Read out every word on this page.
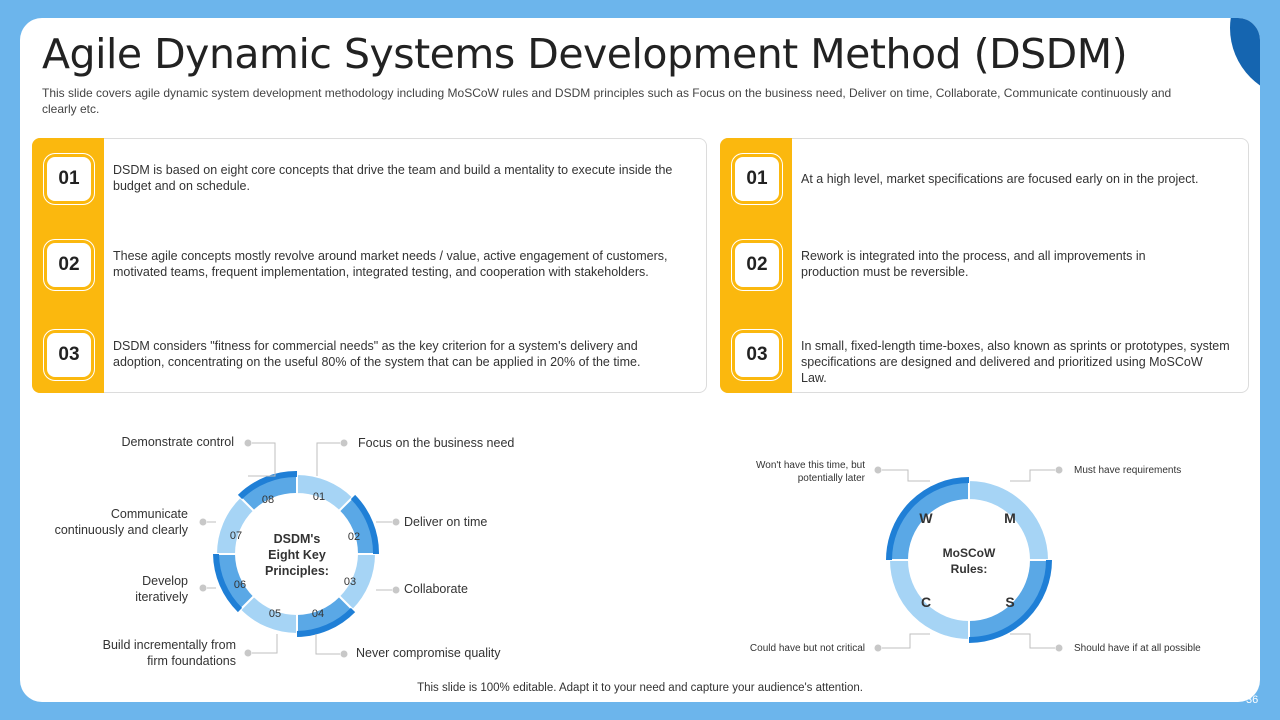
Agile Dynamic Systems Development Method (DSDM)
This slide covers agile dynamic system development methodology including MoSCoW rules and DSDM principles such as Focus on the business need, Deliver on time, Collaborate, Communicate continuously and clearly etc.
01	DSDM is based on eight core concepts that drive the team and build a mentality to execute inside the budget and on schedule.
02	These agile concepts mostly revolve around market needs / value, active engagement of customers, motivated teams, frequent implementation, integrated testing, and cooperation with stakeholders.
03	DSDM considers "fitness for commercial needs" as the key criterion for a system's delivery and adoption, concentrating on the useful 80% of the system that can be applied in 20% of the time.
01	At a high level, market specifications are focused early on in the project.
02	Rework is integrated into the process, and all improvements in production must be reversible.
03	In small, fixed-length time-boxes, also known as sprints or prototypes, system specifications are designed and delivered and prioritized using MoSCoW Law.
01
02
03
04
05
06
07
08
DSDM's
Eight Key
Principles:
Focus on the business need
Deliver on time
Collaborate
Never compromise quality
Build incrementally from firm foundations
Develop iteratively
Communicate continuously and clearly
Demonstrate control
M
S
C
W
MoSCoW
Rules:
Must have requirements
Should have if at all possible
Could have but not critical
Won't have this time, but potentially later
This slide is 100% editable. Adapt it to your need and capture your audience's attention.
36
